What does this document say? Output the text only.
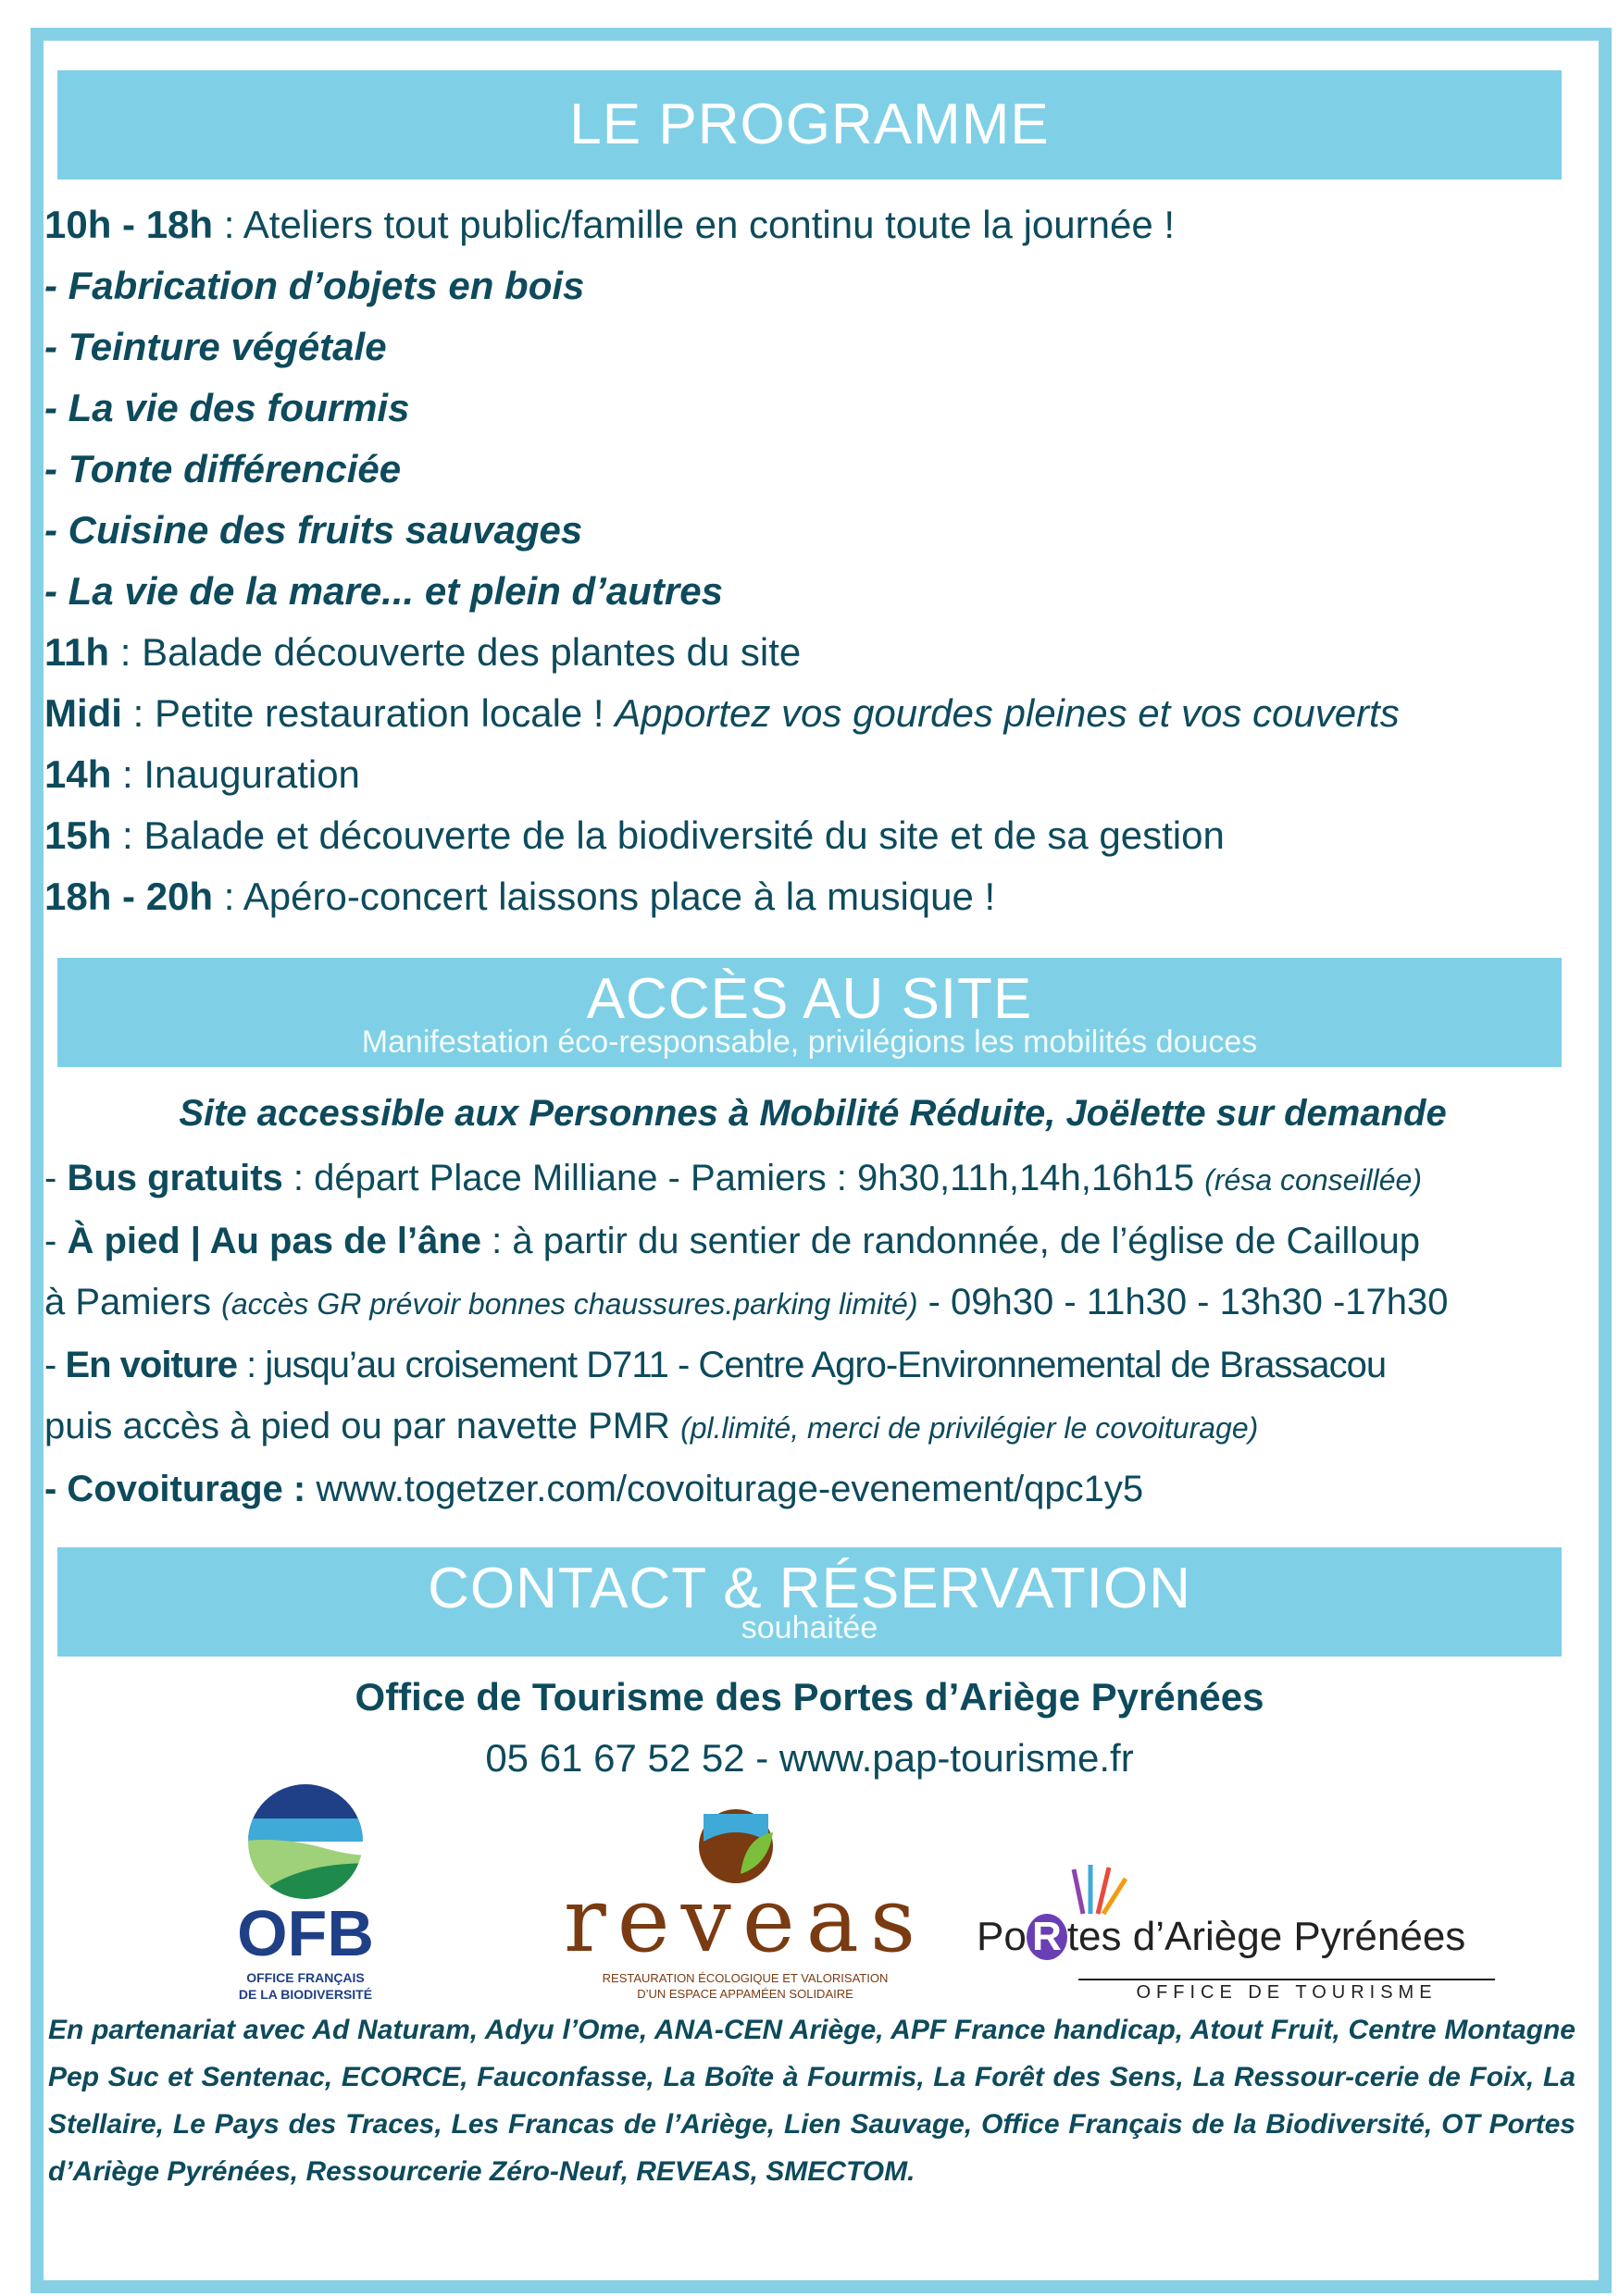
LE PROGRAMME
10h - 18h : Ateliers tout public/famille en continu toute la journée !
- Fabrication d’objets en bois
- Teinture végétale
- La vie des fourmis
- Tonte différenciée
- Cuisine des fruits sauvages
- La vie de la mare... et plein d’autres
11h : Balade découverte des plantes du site
Midi : Petite restauration locale ! Apportez vos gourdes pleines et vos couverts
14h : Inauguration
15h : Balade et découverte de la biodiversité du site et de sa gestion
18h - 20h : Apéro-concert laissons place à la musique !
ACCÈS AU SITE
Manifestation éco-responsable, privilégions les mobilités douces
Site accessible aux Personnes à Mobilité Réduite, Joëlette sur demande
- Bus gratuits : départ Place Milliane - Pamiers : 9h30,11h,14h,16h15 (résa conseillée)
- À pied | Au pas de l’âne : à partir du sentier de randonnée, de l’église de Cailloup
à Pamiers (accès GR prévoir bonnes chaussures.parking limité) - 09h30 - 11h30 - 13h30 -17h30
- En voiture : jusqu’au croisement D711 - Centre Agro-Environnemental de Brassacou
puis accès à pied ou par navette PMR (pl.limité, merci de privilégier le covoiturage)
- Covoiturage : www.togetzer.com/covoiturage-evenement/qpc1y5
CONTACT & RÉSERVATION
souhaitée
Office de Tourisme des Portes d’Ariège Pyrénées
05 61 67 52 52 - www.pap-tourisme.fr
OFB
OFFICE FRANÇAIS
DE LA BIODIVERSITÉ
reveas
RESTAURATION ÉCOLOGIQUE ET VALORISATION
D’UN ESPACE APPAMÉEN SOLIDAIRE
Po R tes d’Ariège Pyrénées
OFFICE DE TOURISME
En partenariat avec Ad Naturam, Adyu l’Ome, ANA-CEN Ariège, APF France handicap, Atout Fruit, Centre Montagne Pep Suc et Sentenac, ECORCE, Fauconfasse, La Boîte à Fourmis, La Forêt des Sens, La Ressour-cerie de Foix, La Stellaire, Le Pays des Traces, Les Francas de l’Ariège, Lien Sauvage, Office Français de la Biodiversité, OT Portes d’Ariège Pyrénées, Ressourcerie Zéro-Neuf, REVEAS, SMECTOM.
